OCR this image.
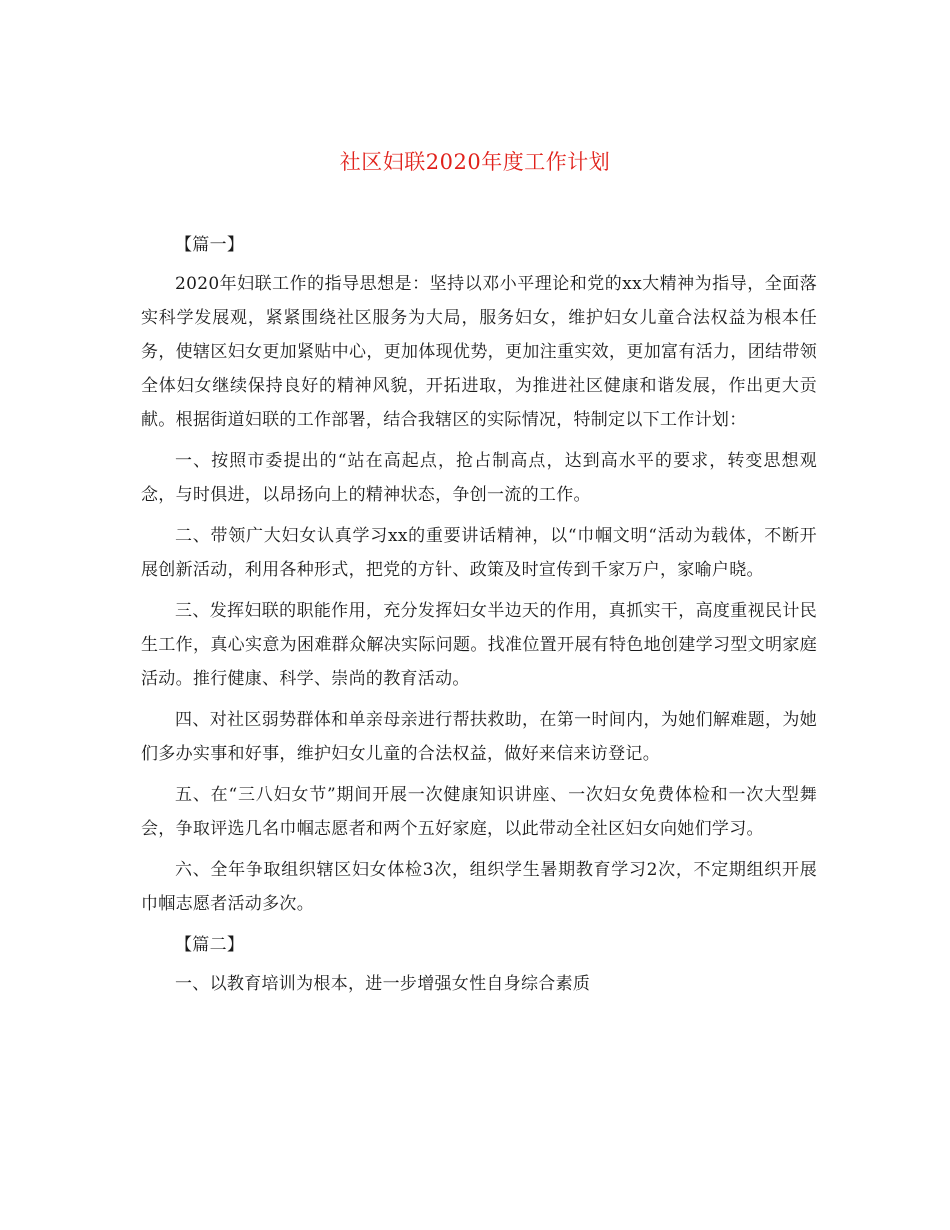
社区妇联2020年度工作计划

【篇一】

2020年妇联工作的指导思想是：坚持以邓小平理论和党的xx大精神为指导，全面落实科学发展观，紧紧围绕社区服务为大局，服务妇女，维护妇女儿童合法权益为根本任务，使辖区妇女更加紧贴中心，更加体现优势，更加注重实效，更加富有活力，团结带领全体妇女继续保持良好的精神风貌，开拓进取，为推进社区健康和谐发展，作出更大贡献。根据街道妇联的工作部署，结合我辖区的实际情况，特制定以下工作计划：

一、按照市委提出的“站在高起点，抢占制高点，达到高水平的要求，转变思想观念，与时俱进，以昂扬向上的精神状态，争创一流的工作。

二、带领广大妇女认真学习xx的重要讲话精神，以“巾帼文明“活动为载体，不断开展创新活动，利用各种形式，把党的方针、政策及时宣传到千家万户，家喻户晓。

三、发挥妇联的职能作用，充分发挥妇女半边天的作用，真抓实干，高度重视民计民生工作，真心实意为困难群众解决实际问题。找准位置开展有特色地创建学习型文明家庭活动。推行健康、科学、崇尚的教育活动。

四、对社区弱势群体和单亲母亲进行帮扶救助，在第一时间内，为她们解难题，为她们多办实事和好事，维护妇女儿童的合法权益，做好来信来访登记。

五、在“三八妇女节”期间开展一次健康知识讲座、一次妇女免费体检和一次大型舞会，争取评选几名巾帼志愿者和两个五好家庭，以此带动全社区妇女向她们学习。

六、全年争取组织辖区妇女体检3次，组织学生暑期教育学习2次，不定期组织开展巾帼志愿者活动多次。

【篇二】

一、以教育培训为根本，进一步增强女性自身综合素质
